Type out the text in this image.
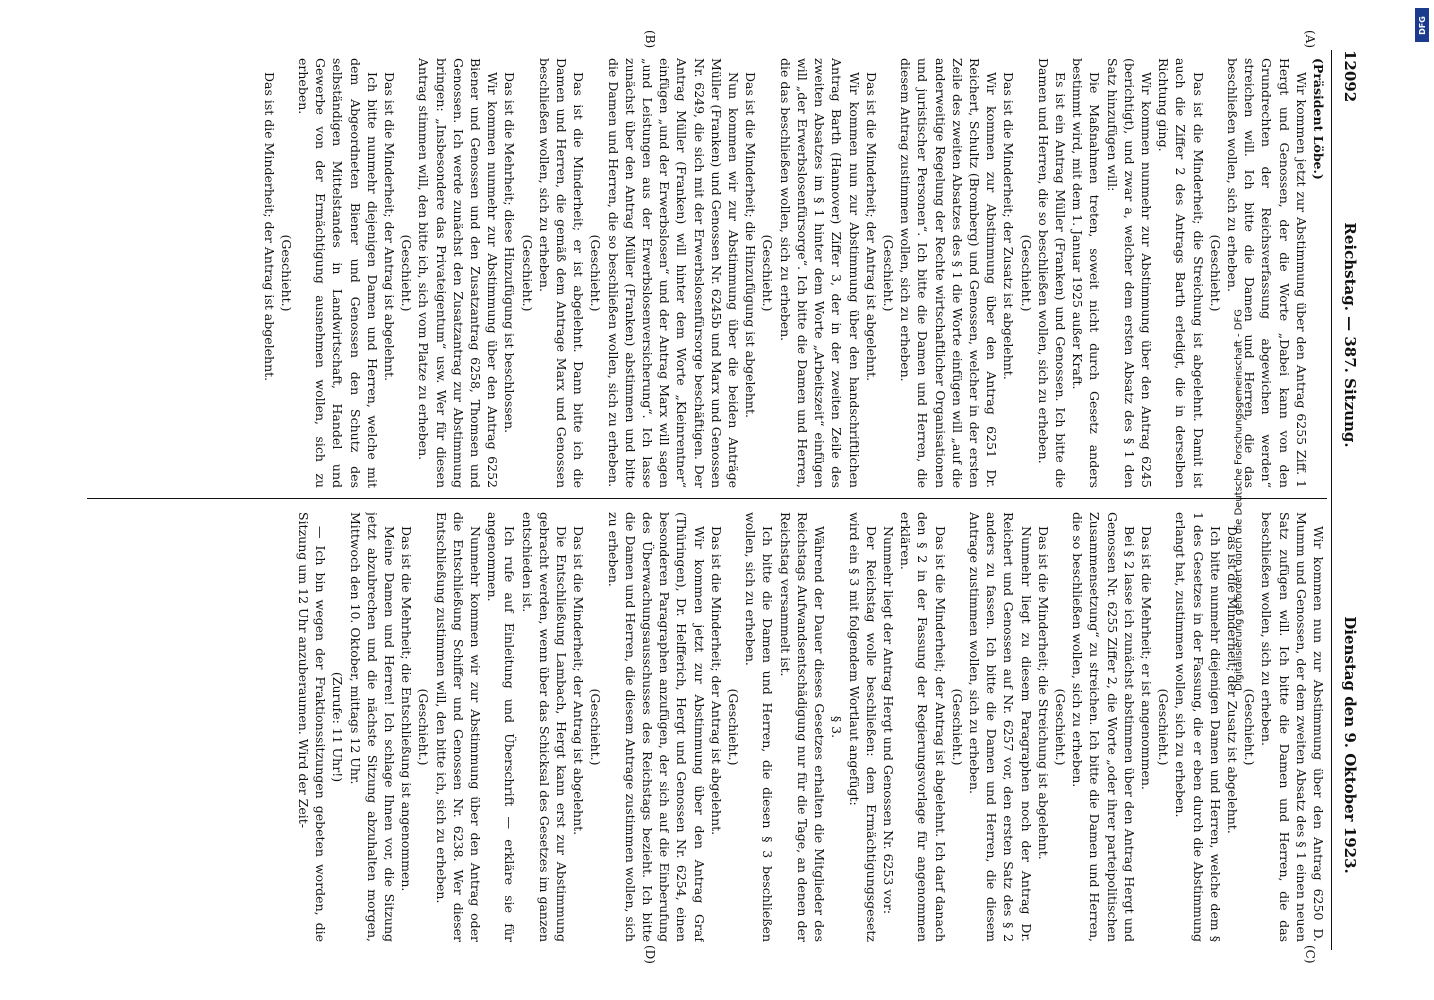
12092
Reichstag. — 387. Sitzung.
Dienstag den 9. Oktober 1923.
(A)
(B)
(C)
(D)

(Präsident Löbe.)

Wir kommen jetzt zur Abstimmung über den Antrag 6255 Ziff. 1 Hergt und Genossen, der die Worte „Dabei kann von den Grundrechten der Reichsverfassung abgewichen werden“ streichen will. Ich bitte die Damen und Herren, die das beschließen wollen, sich zu erheben.

(Geschieht.)

Das ist die Minderheit; die Streichung ist abgelehnt. Damit ist auch die Ziffer 2 des Antrags Barth erledigt, die in derselben Richtung ging.

Wir kommen nunmehr zur Abstimmung über den Antrag 6245 (berichtigt), und zwar a, welcher dem ersten Absatz des § 1 den Satz hinzufügen will:

Die Maßnahmen treten, soweit nicht durch Gesetz anders bestimmt wird, mit dem 1. Januar 1925 außer Kraft.

Es ist ein Antrag Müller (Franken) und Genossen. Ich bitte die Damen und Herren, die so beschließen wollen, sich zu erheben.

(Geschieht.)

Das ist die Minderheit; der Zusatz ist abgelehnt.

Wir kommen zur Abstimmung über den Antrag 6251 Dr. Reichert, Schultz (Bromberg) und Genossen, welcher in der ersten Zeile des zweiten Absatzes des § 1 die Worte einfügen will „auf die anderweitige Regelung der Rechte wirtschaftlicher Organisationen und juristischer Personen“. Ich bitte die Damen und Herren, die diesem Antrag zustimmen wollen, sich zu erheben.

(Geschieht.)

Das ist die Minderheit; der Antrag ist abgelehnt.

Wir kommen nun zur Abstimmung über den handschriftlichen Antrag Barth (Hannover) Ziffer 3, der in der zweiten Zeile des zweiten Absatzes im § 1 hinter dem Worte „Arbeitszeit“ einfügen will „der Erwerbslosenfürsorge“. Ich bitte die Damen und Herren, die das beschließen wollen, sich zu erheben.

(Geschieht.)

Das ist die Minderheit; die Hinzufügung ist abgelehnt.

Nun kommen wir zur Abstimmung über die beiden Anträge Müller (Franken) und Genossen Nr. 6245b und Marx und Genossen Nr. 6249, die sich mit der Erwerbslosenfürsorge beschäftigen. Der Antrag Müller (Franken) will hinter dem Worte „Kleinrentner“ einfügen „und der Erwerbslosen“ und der Antrag Marx will sagen „und Leistungen aus der Erwerbslosenversicherung“. Ich lasse zunächst über den Antrag Müller (Franken) abstimmen und bitte die Damen und Herren, die so beschließen wollen, sich zu erheben.

(Geschieht.)

Das ist die Minderheit; er ist abgelehnt. Dann bitte ich die Damen und Herren, die gemäß dem Antrage Marx und Genossen beschließen wollen, sich zu erheben.

(Geschieht.)

Das ist die Mehrheit; diese Hinzufügung ist beschlossen.

Wir kommen nunmehr zur Abstimmung über den Antrag 6252 Biener und Genossen und den Zusatzantrag 6258, Thomsen und Genossen. Ich werde zunächst den Zusatzantrag zur Abstimmung bringen: „Insbesondere das Privateigentum“ usw. Wer für diesen Antrag stimmen will, den bitte ich, sich vom Platze zu erheben.

(Geschieht.)

Das ist die Minderheit; der Antrag ist abgelehnt.

Ich bitte nunmehr diejenigen Damen und Herren, welche mit dem Abgeordneten Biener und Genossen den Schutz des selbständigen Mittelstandes in Landwirtschaft, Handel und Gewerbe von der Ermächtigung ausnehmen wollen, sich zu erheben.

(Geschieht.)

Das ist die Minderheit; der Antrag ist abgelehnt.

Wir kommen nun zur Abstimmung über den Antrag 6250 D. Mumm und Genossen, der dem zweiten Absatz des § 1 einen neuen Satz zufügen will. Ich bitte die Damen und Herren, die das beschließen wollen, sich zu erheben.

(Geschieht.)

Das ist die Minderheit; der Zusatz ist abgelehnt.

Ich bitte nunmehr diejenigen Damen und Herren, welche dem § 1 des Gesetzes in der Fassung, die er eben durch die Abstimmung erlangt hat, zustimmen wollen, sich zu erheben.

(Geschieht.)

Das ist die Mehrheit; er ist angenommen.

Bei § 2 lasse ich zunächst abstimmen über den Antrag Hergt und Genossen Nr. 6255 Ziffer 2, die Worte „oder ihrer parteipolitischen Zusammensetzung“ zu streichen. Ich bitte die Damen und Herren, die so beschließen wollen, sich zu erheben.

(Geschieht.)

Das ist die Minderheit; die Streichung ist abgelehnt.

Nunmehr liegt zu diesem Paragraphen noch der Antrag Dr. Reichert und Genossen auf Nr. 6257 vor, den ersten Satz des § 2 anders zu fassen. Ich bitte die Damen und Herren, die diesem Antrage zustimmen wollen, sich zu erheben.

(Geschieht.)

Das ist die Minderheit; der Antrag ist abgelehnt. Ich darf danach den § 2 in der Fassung der Regierungsvorlage für angenommen erklären.

Nunmehr liegt der Antrag Hergt und Genossen Nr. 6253 vor:

Der Reichstag wolle beschließen: dem Ermächtigungsgesetz wird ein § 3 mit folgendem Wortlaut angefügt:

§ 3.

Während der Dauer dieses Gesetzes erhalten die Mitglieder des Reichstags Aufwandsentschädigung nur für die Tage, an denen der Reichstag versammelt ist.

Ich bitte die Damen und Herren, die diesen § 3 beschließen wollen, sich zu erheben.

(Geschieht.)

Das ist die Minderheit; der Antrag ist abgelehnt.

Wir kommen jetzt zur Abstimmung über den Antrag Graf (Thüringen), Dr. Helfferich, Hergt und Genossen Nr. 6254, einen besonderen Paragraphen anzufügen, der sich auf die Einberufung des Überwachungsausschusses des Reichstags bezieht. Ich bitte die Damen und Herren, die diesem Antrage zustimmen wollen, sich zu erheben.

(Geschieht.)

Das ist die Minderheit; der Antrag ist abgelehnt.

Die Entschließung Lambach, Hergt kann erst zur Abstimmung gebracht werden, wenn über das Schicksal des Gesetzes im ganzen entschieden ist.

Ich rufe auf Einleitung und Überschrift — erkläre sie für angenommen.

Nunmehr kommen wir zur Abstimmung über den Antrag oder die Entschließung Schiffer und Genossen Nr. 6238. Wer dieser Entschließung zustimmen will, den bitte ich, sich zu erheben.

(Geschieht.)

Das ist die Mehrheit; die Entschließung ist angenommen.

Meine Damen und Herren! Ich schlage Ihnen vor, die Sitzung jetzt abzubrechen und die nächste Sitzung abzuhalten morgen, Mittwoch den 10. Oktober, mittags 12 Uhr.

(Zurufe: 11 Uhr!)

— Ich bin wegen der Fraktionssitzungen gebeten worden, die Sitzung um 12 Uhr anzuberaumen. Wird der Zeit-

DFG
Digitalisierung gefördert durch die Deutsche Forschungsgemeinschaft - DFG
